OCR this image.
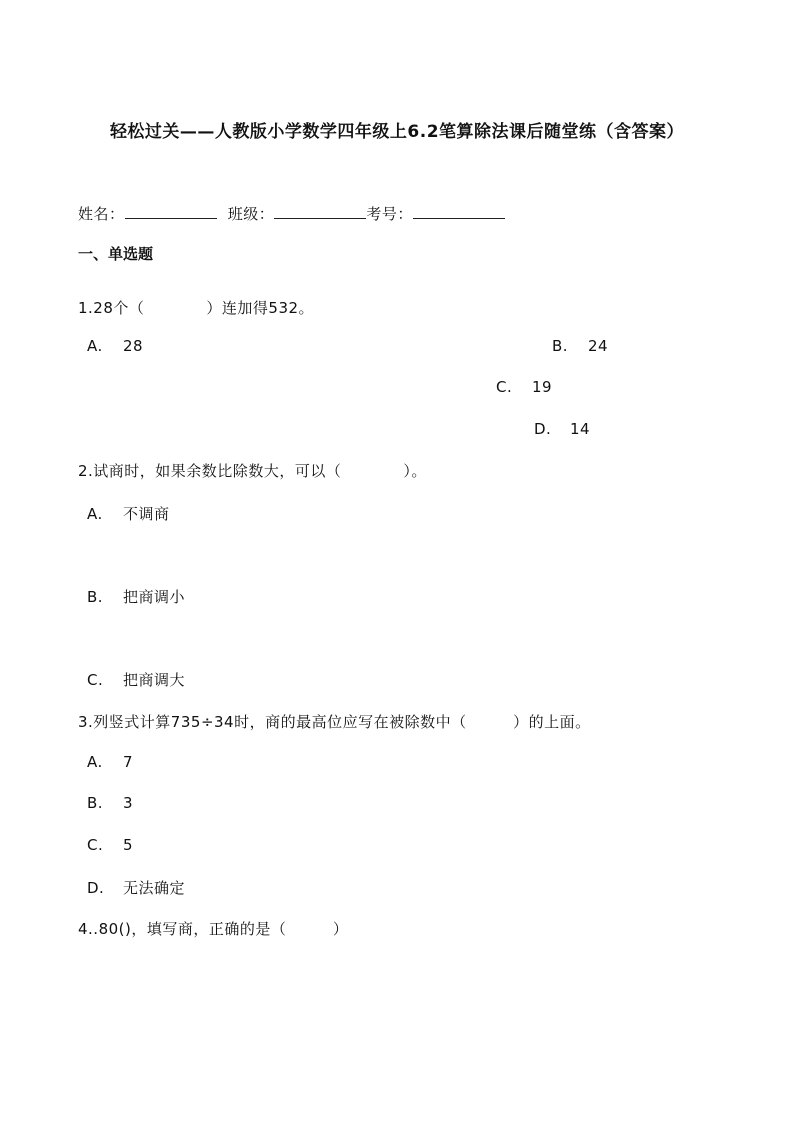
轻松过关——人教版小学数学四年级上6.2笔算除法课后随堂练（含答案）
姓名：	班级：	考号：
一、单选题
1.28个（　　　　）连加得532。
A. 28	B. 24
C. 19
D. 14
2.试商时，如果余数比除数大，可以（　　　　）。
A. 不调商
B. 把商调小
C. 把商调大
3.列竖式计算735÷34时，商的最高位应写在被除数中（　　　）的上面。
A. 7
B. 3
C. 5
D. 无法确定
4..80()，填写商，正确的是（　　　）
